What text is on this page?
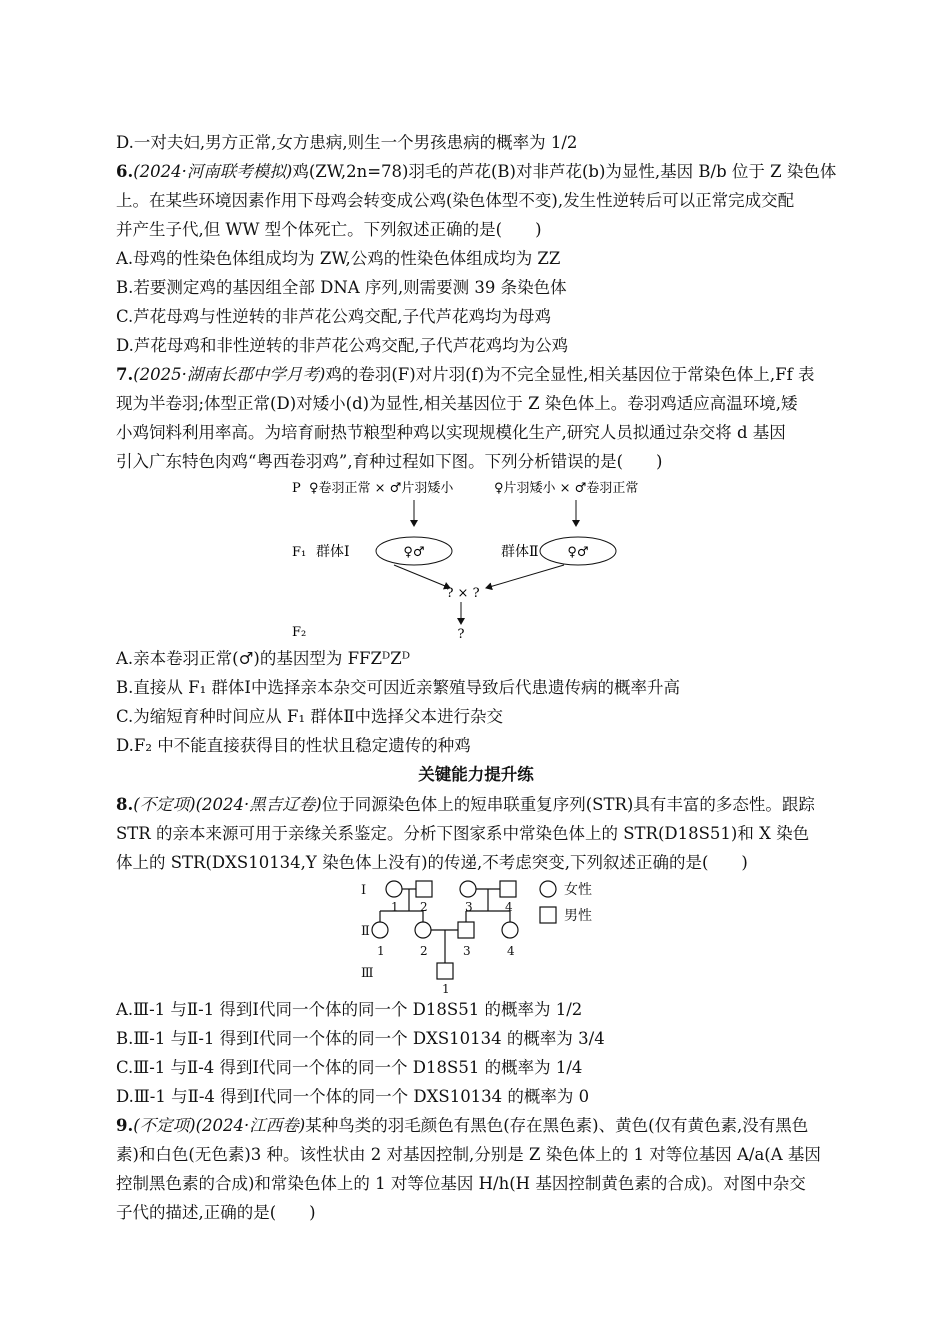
D.一对夫妇,男方正常,女方患病,则生一个男孩患病的概率为 1/2
6.(2024·河南联考模拟)鸡(ZW,2n=78)羽毛的芦花(B)对非芦花(b)为显性,基因 B/b 位于 Z 染色体
上。在某些环境因素作用下母鸡会转变成公鸡(染色体型不变),发生性逆转后可以正常完成交配
并产生子代,但 WW 型个体死亡。下列叙述正确的是(　　)
A.母鸡的性染色体组成均为 ZW,公鸡的性染色体组成均为 ZZ
B.若要测定鸡的基因组全部 DNA 序列,则需要测 39 条染色体
C.芦花母鸡与性逆转的非芦花公鸡交配,子代芦花鸡均为母鸡
D.芦花母鸡和非性逆转的非芦花公鸡交配,子代芦花鸡均为公鸡
7.(2025·湖南长郡中学月考)鸡的卷羽(F)对片羽(f)为不完全显性,相关基因位于常染色体上,Ff 表
现为半卷羽;体型正常(D)对矮小(d)为显性,相关基因位于 Z 染色体上。卷羽鸡适应高温环境,矮
小鸡饲料利用率高。为培育耐热节粮型种鸡以实现规模化生产,研究人员拟通过杂交将 d 基因
引入广东特色肉鸡“粤西卷羽鸡”,育种过程如下图。下列分析错误的是(　　)
P ♀卷羽正常 × ♂片羽矮小	♀片羽矮小 × ♂卷羽正常
F₁ 群体Ⅰ	♀♂	群体Ⅱ ♀♂
? × ?
F₂	?
A.亲本卷羽正常(♂)的基因型为 FFZᴰZᴰ
B.直接从 F₁ 群体Ⅰ中选择亲本杂交可因近亲繁殖导致后代患遗传病的概率升高
C.为缩短育种时间应从 F₁ 群体Ⅱ中选择父本进行杂交
D.F₂ 中不能直接获得目的性状且稳定遗传的种鸡
关键能力提升练
8.(不定项)(2024·黑吉辽卷)位于同源染色体上的短串联重复序列(STR)具有丰富的多态性。跟踪
STR 的亲本来源可用于亲缘关系鉴定。分析下图家系中常染色体上的 STR(D18S51)和 X 染色
体上的 STR(DXS10134,Y 染色体上没有)的传递,不考虑突变,下列叙述正确的是(　　)
Ⅰ
Ⅱ
Ⅲ
1 2	3	4
1	2	3	4
1
女性
男性
A.Ⅲ-1 与Ⅱ-1 得到Ⅰ代同一个体的同一个 D18S51 的概率为 1/2
B.Ⅲ-1 与Ⅱ-1 得到Ⅰ代同一个体的同一个 DXS10134 的概率为 3/4
C.Ⅲ-1 与Ⅱ-4 得到Ⅰ代同一个体的同一个 D18S51 的概率为 1/4
D.Ⅲ-1 与Ⅱ-4 得到Ⅰ代同一个体的同一个 DXS10134 的概率为 0
9.(不定项)(2024·江西卷)某种鸟类的羽毛颜色有黑色(存在黑色素)、黄色(仅有黄色素,没有黑色
素)和白色(无色素)3 种。该性状由 2 对基因控制,分别是 Z 染色体上的 1 对等位基因 A/a(A 基因
控制黑色素的合成)和常染色体上的 1 对等位基因 H/h(H 基因控制黄色素的合成)。对图中杂交
子代的描述,正确的是(　　)
